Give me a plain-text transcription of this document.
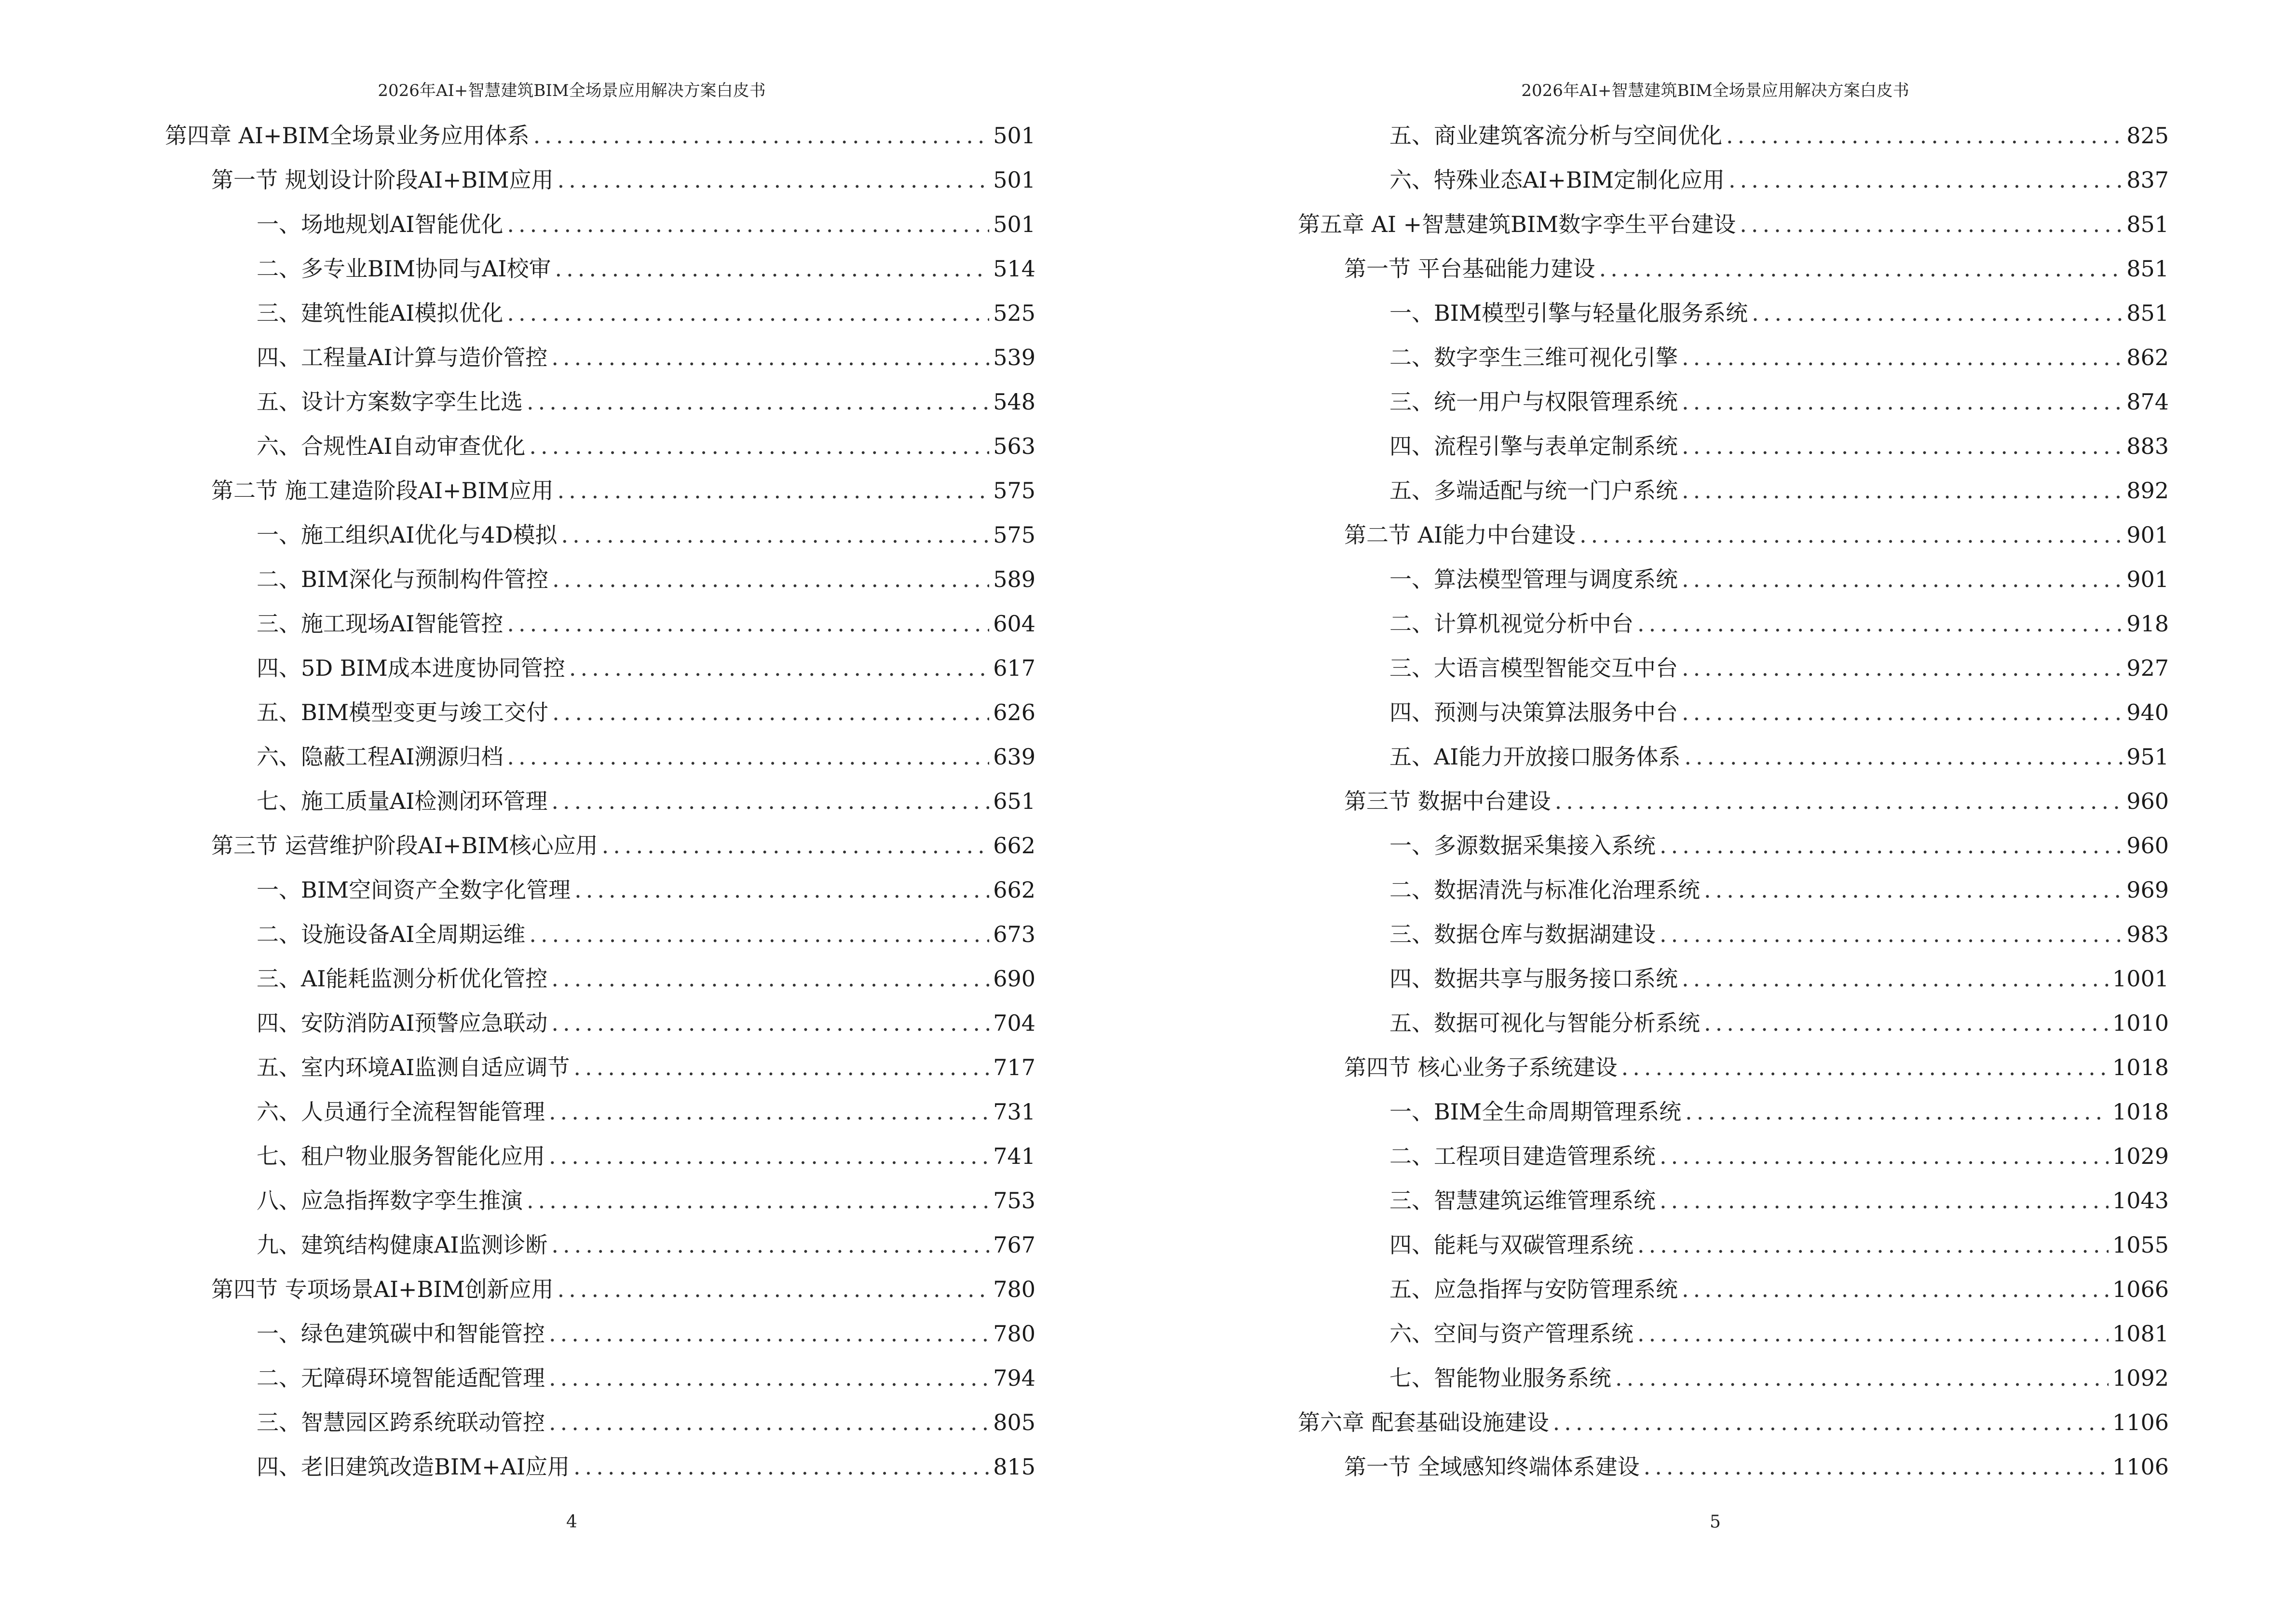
2026年AI+智慧建筑BIM全场景应用解决方案白皮书
第四章 AI+BIM全场景业务应用体系 .....	501
第一节 规划设计阶段AI+BIM应用 .....	501
一、场地规划AI智能优化 .....	501
二、多专业BIM协同与AI校审 .....	514
三、建筑性能AI模拟优化 .....	525
四、工程量AI计算与造价管控 .....	539
五、设计方案数字孪生比选 .....	548
六、合规性AI自动审查优化 .....	563
第二节 施工建造阶段AI+BIM应用 .....	575
一、施工组织AI优化与4D模拟 .....	575
二、BIM深化与预制构件管控 .....	589
三、施工现场AI智能管控 .....	604
四、5D BIM成本进度协同管控 .....	617
五、BIM模型变更与竣工交付 .....	626
六、隐蔽工程AI溯源归档 .....	639
七、施工质量AI检测闭环管理 .....	651
第三节 运营维护阶段AI+BIM核心应用 .....	662
一、BIM空间资产全数字化管理 .....	662
二、设施设备AI全周期运维 .....	673
三、AI能耗监测分析优化管控 .....	690
四、安防消防AI预警应急联动 .....	704
五、室内环境AI监测自适应调节 .....	717
六、人员通行全流程智能管理 .....	731
七、租户物业服务智能化应用 .....	741
八、应急指挥数字孪生推演 .....	753
九、建筑结构健康AI监测诊断 .....	767
第四节 专项场景AI+BIM创新应用 .....	780
一、绿色建筑碳中和智能管控 .....	780
二、无障碍环境智能适配管理 .....	794
三、智慧园区跨系统联动管控 .....	805
四、老旧建筑改造BIM+AI应用 .....	815
4
2026年AI+智慧建筑BIM全场景应用解决方案白皮书
五、商业建筑客流分析与空间优化 .....	825
六、特殊业态AI+BIM定制化应用 .....	837
第五章 AI +智慧建筑BIM数字孪生平台建设 .....	851
第一节 平台基础能力建设 .....	851
一、BIM模型引擎与轻量化服务系统 .....	851
二、数字孪生三维可视化引擎 .....	862
三、统一用户与权限管理系统 .....	874
四、流程引擎与表单定制系统 .....	883
五、多端适配与统一门户系统 .....	892
第二节 AI能力中台建设 .....	901
一、算法模型管理与调度系统 .....	901
二、计算机视觉分析中台 .....	918
三、大语言模型智能交互中台 .....	927
四、预测与决策算法服务中台 .....	940
五、AI能力开放接口服务体系 .....	951
第三节 数据中台建设 .....	960
一、多源数据采集接入系统 .....	960
二、数据清洗与标准化治理系统 .....	969
三、数据仓库与数据湖建设 .....	983
四、数据共享与服务接口系统 .....	1001
五、数据可视化与智能分析系统 .....	1010
第四节 核心业务子系统建设 .....	1018
一、BIM全生命周期管理系统 .....	1018
二、工程项目建造管理系统 .....	1029
三、智慧建筑运维管理系统 .....	1043
四、能耗与双碳管理系统 .....	1055
五、应急指挥与安防管理系统 .....	1066
六、空间与资产管理系统 .....	1081
七、智能物业服务系统 .....	1092
第六章 配套基础设施建设 .....	1106
第一节 全域感知终端体系建设 .....	1106
5
